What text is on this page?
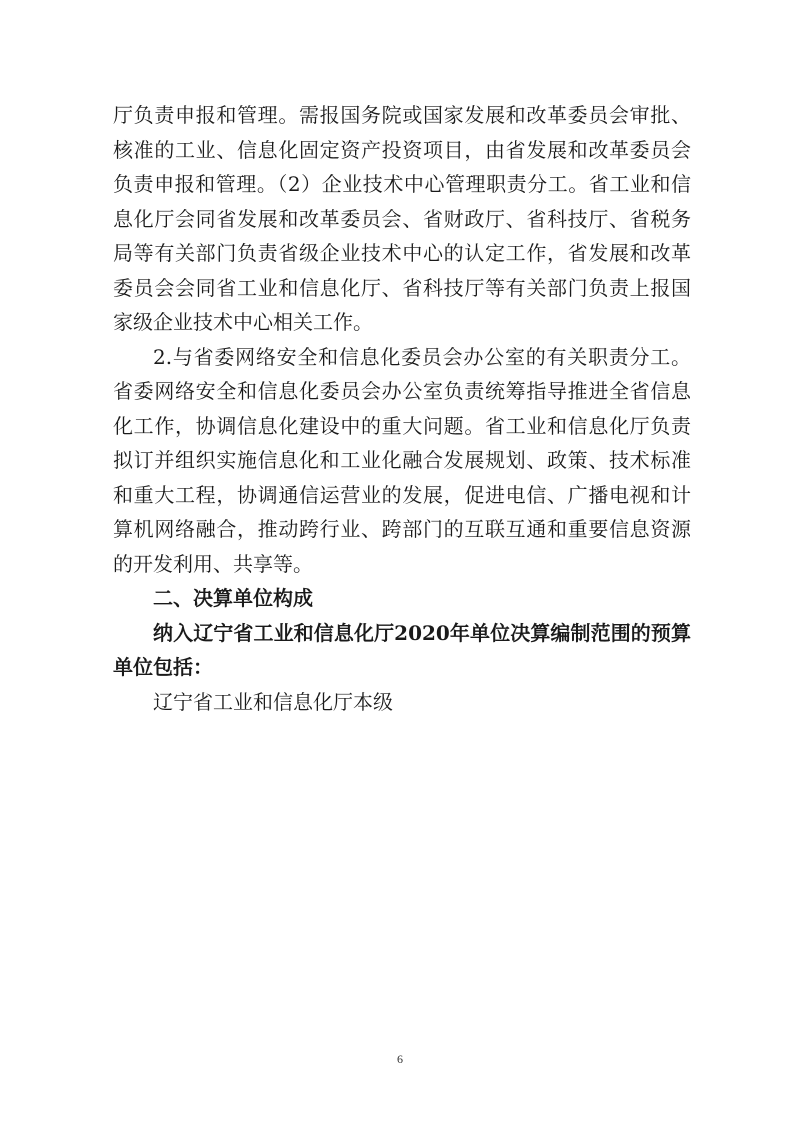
厅负责申报和管理。需报国务院或国家发展和改革委员会审批、核准的工业、信息化固定资产投资项目，由省发展和改革委员会负责申报和管理。（2）企业技术中心管理职责分工。省工业和信息化厅会同省发展和改革委员会、省财政厅、省科技厅、省税务局等有关部门负责省级企业技术中心的认定工作，省发展和改革委员会会同省工业和信息化厅、省科技厅等有关部门负责上报国家级企业技术中心相关工作。

2.与省委网络安全和信息化委员会办公室的有关职责分工。省委网络安全和信息化委员会办公室负责统筹指导推进全省信息化工作，协调信息化建设中的重大问题。省工业和信息化厅负责拟订并组织实施信息化和工业化融合发展规划、政策、技术标准和重大工程，协调通信运营业的发展，促进电信、广播电视和计算机网络融合，推动跨行业、跨部门的互联互通和重要信息资源的开发利用、共享等。

二、决算单位构成

纳入辽宁省工业和信息化厅2020年单位决算编制范围的预算单位包括：

辽宁省工业和信息化厅本级

6
